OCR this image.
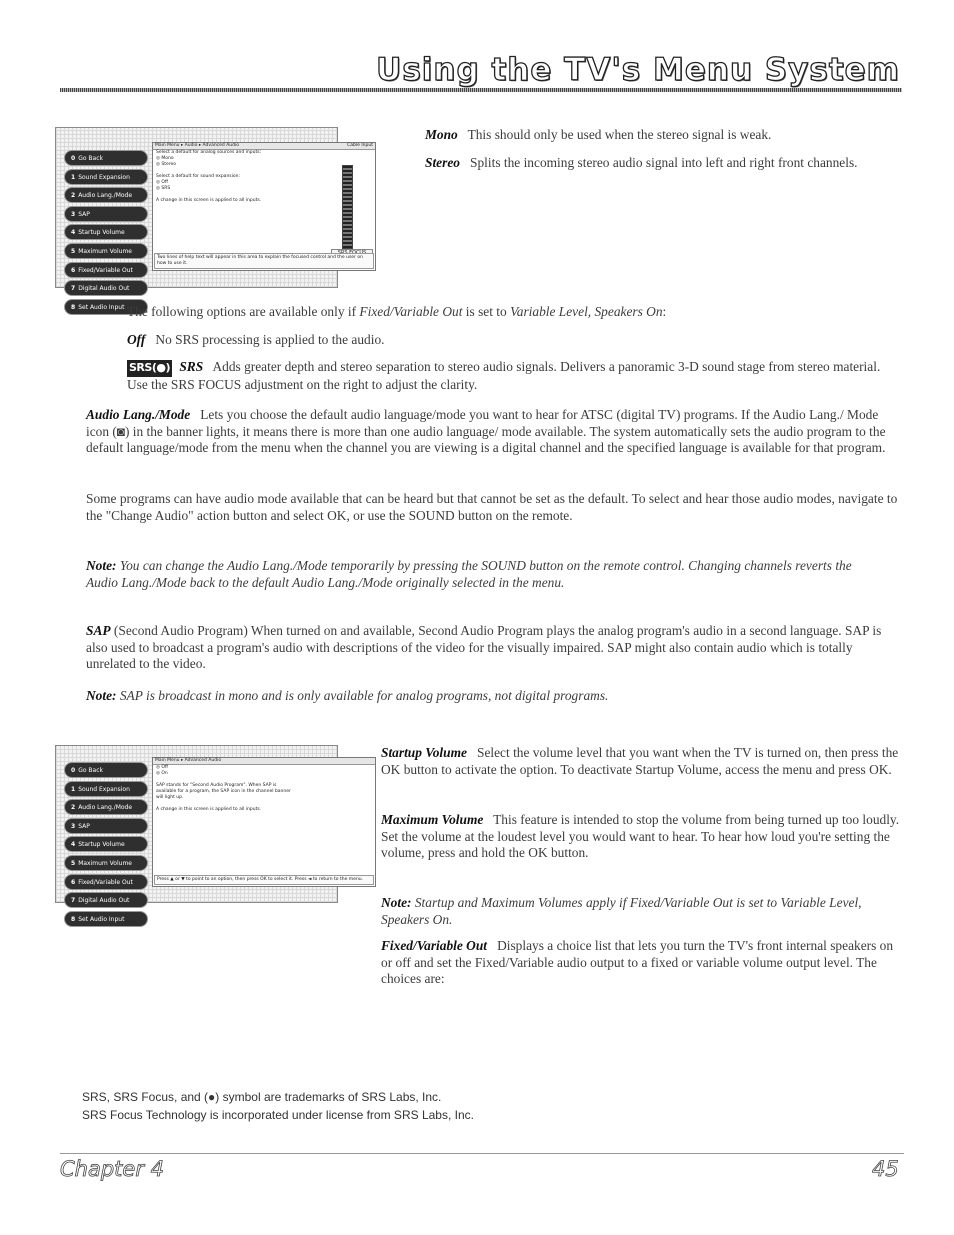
Using the TV's Menu System
0 Go Back
1 Sound Expansion
2 Audio Lang./Mode
3 SAP
4 Startup Volume
5 Maximum Volume
6 Fixed/Variable Out
7 Digital Audio Out
8 Set Audio Input
Main Menu ▸ Audio ▸ Advanced Audio	Cable Input
Select a default for analog sources and inputs:
◎ Mono
◎ Stereo

Select a default for sound expansion:
◎ Off
◎ SRS

A change in this screen is applied to all inputs.
Two lines of help text will appear in this area to explain the focused control and the user on how to use it.

Mono This should only be used when the stereo signal is weak.

Stereo Splits the incoming stereo audio signal into left and right front channels.

The following options are available only if Fixed/Variable Out is set to Variable Level, Speakers On:

Off No SRS processing is applied to the audio.

SRS(●) SRS Adds greater depth and stereo separation to stereo audio signals. Delivers a panoramic 3-D sound stage from stereo material. Use the SRS FOCUS adjustment on the right to adjust the clarity.

Audio Lang./Mode Lets you choose the default audio language/mode you want to hear for ATSC (digital TV) programs. If the Audio Lang./ Mode icon (◙) in the banner lights, it means there is more than one audio language/ mode available. The system automatically sets the audio program to the default language/mode from the menu when the channel you are viewing is a digital channel and the specified language is available for that program.

Some programs can have audio mode available that can be heard but that cannot be set as the default. To select and hear those audio modes, navigate to the "Change Audio" action button and select OK, or use the SOUND button on the remote.

Note: You can change the Audio Lang./Mode temporarily by pressing the SOUND button on the remote control. Changing channels reverts the Audio Lang./Mode back to the default Audio Lang./Mode originally selected in the menu.

SAP (Second Audio Program) When turned on and available, Second Audio Program plays the analog program's audio in a second language. SAP is also used to broadcast a program's audio with descriptions of the video for the visually impaired. SAP might also contain audio which is totally unrelated to the video.

Note: SAP is broadcast in mono and is only available for analog programs, not digital programs.

0 Go Back
1 Sound Expansion
2 Audio Lang./Mode
3 SAP
4 Startup Volume
5 Maximum Volume
6 Fixed/Variable Out
7 Digital Audio Out
8 Set Audio Input
Main Menu ▸ Advanced Audio
◎ Off
◎ On

SAP stands for "Second Audio Program". When SAP is
available for a program, the SAP icon in the channel banner
will light up.

A change in this screen is applied to all inputs.
Press ▲ or ▼ to point to an option, then press OK to select it. Press ◄ to return to the menu.

Startup Volume Select the volume level that you want when the TV is turned on, then press the OK button to activate the option. To deactivate Startup Volume, access the menu and press OK.

Maximum Volume This feature is intended to stop the volume from being turned up too loudly. Set the volume at the loudest level you would want to hear. To hear how loud you're setting the volume, press and hold the OK button.

Note: Startup and Maximum Volumes apply if Fixed/Variable Out is set to Variable Level, Speakers On.

Fixed/Variable Out Displays a choice list that lets you turn the TV's front internal speakers on or off and set the Fixed/Variable audio output to a fixed or variable volume output level. The choices are:

SRS, SRS Focus, and (●) symbol are trademarks of SRS Labs, Inc.
SRS Focus Technology is incorporated under license from SRS Labs, Inc.
Chapter 4	45
